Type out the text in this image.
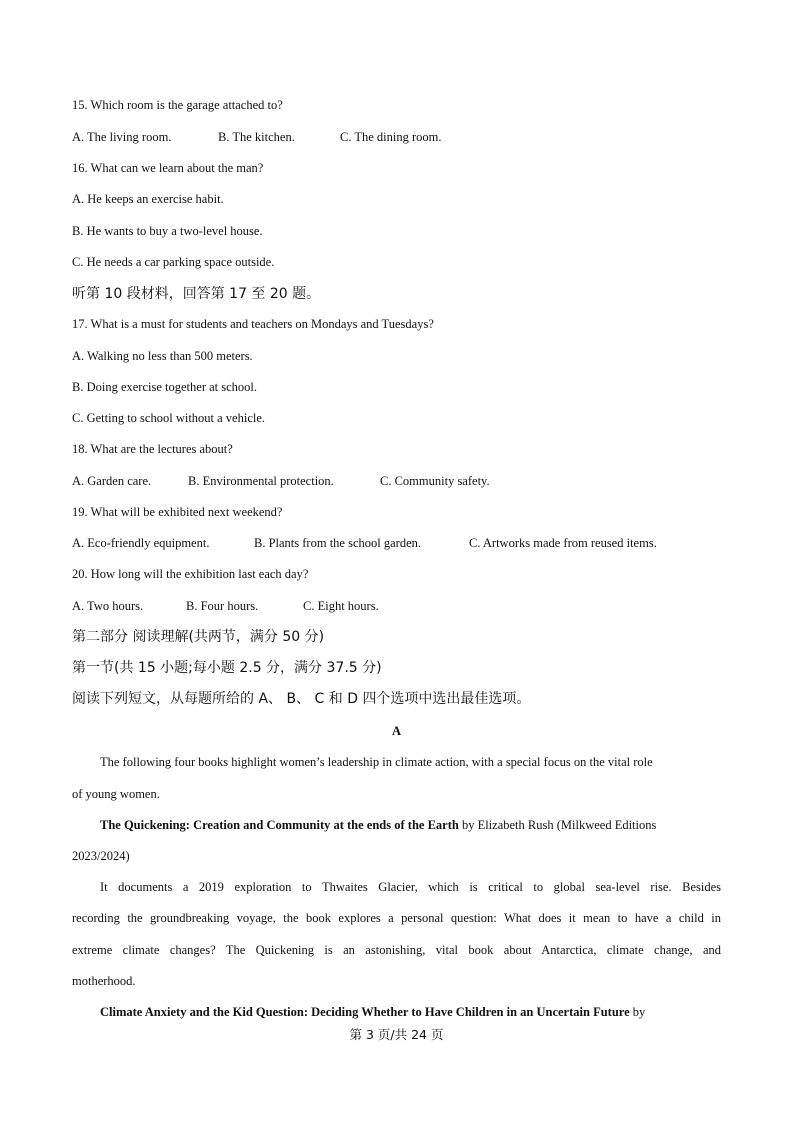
15. Which room is the garage attached to?
A. The living room.	B. The kitchen.	C. The dining room.
16. What can we learn about the man?
A. He keeps an exercise habit.
B. He wants to buy a two-level house.
C. He needs a car parking space outside.
听第 10 段材料，回答第 17 至 20 题。
17. What is a must for students and teachers on Mondays and Tuesdays?
A. Walking no less than 500 meters.
B. Doing exercise together at school.
C. Getting to school without a vehicle.
18. What are the lectures about?
A. Garden care.	B. Environmental protection.	C. Community safety.
19. What will be exhibited next weekend?
A. Eco-friendly equipment.	B. Plants from the school garden.	C. Artworks made from reused items.
20. How long will the exhibition last each day?
A. Two hours.	B. Four hours.	C. Eight hours.
第二部分 阅读理解(共两节，满分 50 分)
第一节(共 15 小题;每小题 2.5 分，满分 37.5 分)
阅读下列短文，从每题所给的 A、 B、 C 和 D 四个选项中选出最佳选项。
A
The following four books highlight women’s leadership in climate action, with a special focus on the vital role
of young women.
The Quickening: Creation and Community at the ends of the Earth by Elizabeth Rush (Milkweed Editions
2023/2024)
It documents a 2019 exploration to Thwaites Glacier, which is critical to global sea-level rise. Besides
recording the groundbreaking voyage, the book explores a personal question: What does it mean to have a child in
extreme climate changes? The Quickening is an astonishing, vital book about Antarctica, climate change, and
motherhood.
Climate Anxiety and the Kid Question: Deciding Whether to Have Children in an Uncertain Future by
第 3 页/共 24 页
